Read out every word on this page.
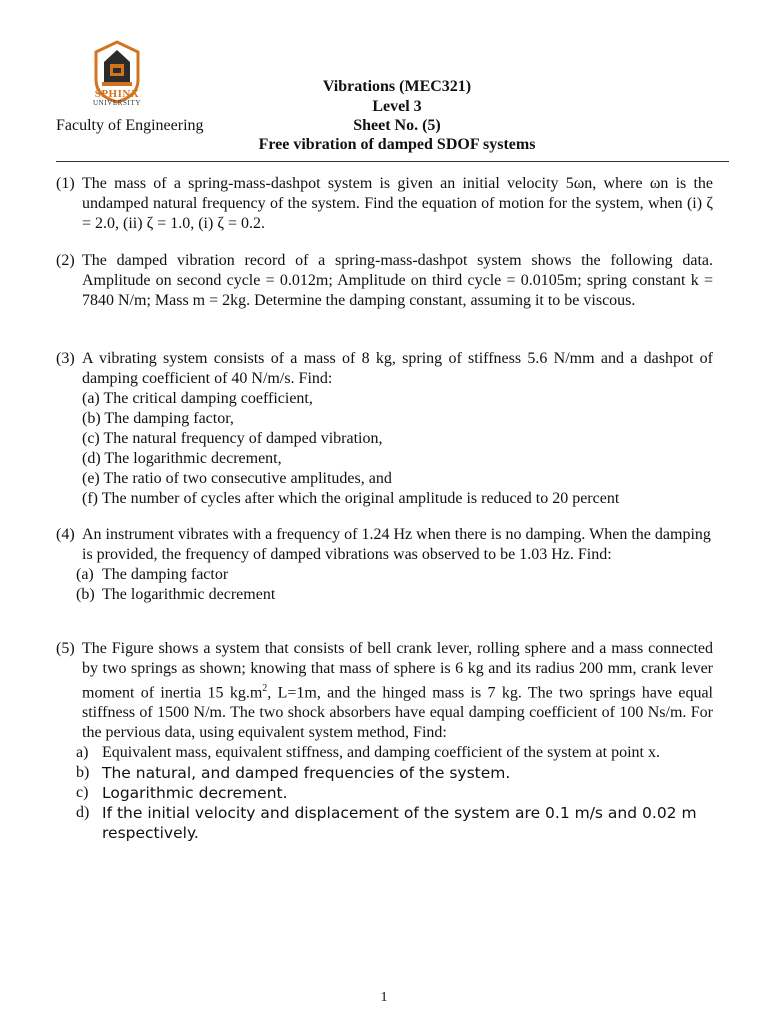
SPHINX
UNIVERSITY
Faculty of Engineering
Vibrations (MEC321)
Level 3
Sheet No. (5)
Free vibration of damped SDOF systems
(1) The mass of a spring-mass-dashpot system is given an initial velocity 5ωn, where ωn is the undamped natural frequency of the system. Find the equation of motion for the system, when (i) ζ = 2.0, (ii) ζ = 1.0, (i) ζ = 0.2.

(2) The damped vibration record of a spring-mass-dashpot system shows the following data. Amplitude on second cycle = 0.012m; Amplitude on third cycle = 0.0105m; spring constant k = 7840 N/m; Mass m = 2kg. Determine the damping constant, assuming it to be viscous.

(3) A vibrating system consists of a mass of 8 kg, spring of stiffness 5.6 N/mm and a dashpot of damping coefficient of 40 N/m/s. Find:

(a) The critical damping coefficient,

(b) The damping factor,

(c) The natural frequency of damped vibration,

(d) The logarithmic decrement,

(e) The ratio of two consecutive amplitudes, and

(f) The number of cycles after which the original amplitude is reduced to 20 percent

(4) An instrument vibrates with a frequency of 1.24 Hz when there is no damping. When the damping is provided, the frequency of damped vibrations was observed to be 1.03 Hz. Find:

(a) The damping factor
(b) The logarithmic decrement
(5) The Figure shows a system that consists of bell crank lever, rolling sphere and a mass connected by two springs as shown; knowing that mass of sphere is 6 kg and its radius 200 mm, crank lever moment of inertia 15 $kg.m^2$, L=1m, and the hinged mass is 7 kg. The two springs have equal stiffness of 1500 N/m. The two shock absorbers have equal damping coefficient of 100 Ns/m. For the pervious data, using equivalent system method, Find:

a) Equivalent mass, equivalent stiffness, and damping coefficient of the system at point x.
b) The natural, and damped frequencies of the system.
c) Logarithmic decrement.
d) If the initial velocity and displacement of the system are 0.1 m/s and 0.02 m respectively.
1
